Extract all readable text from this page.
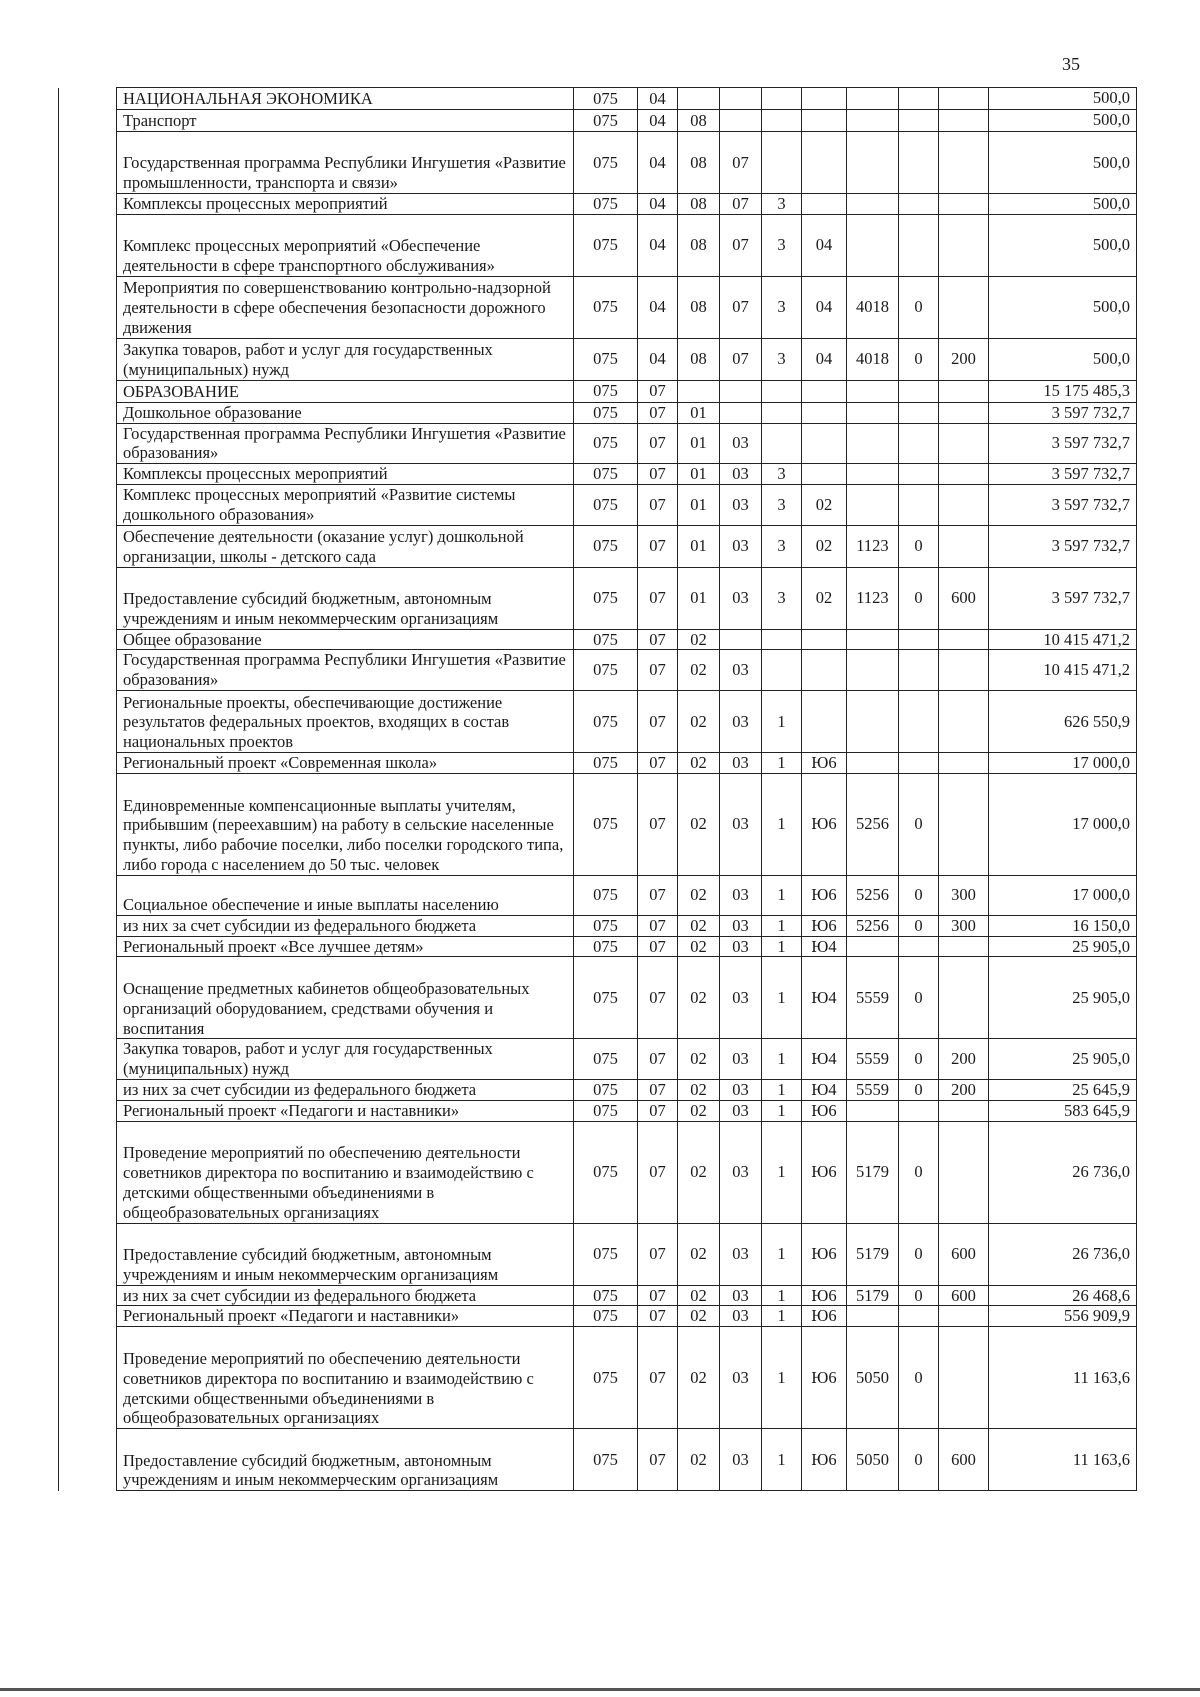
35
	НАЦИОНАЛЬНАЯ ЭКОНОМИКА	075	04								500,0
	Транспорт	075	04	08							500,0
	Государственная программа Республики Ингушетия «Развитие промышленности, транспорта и связи»	075	04	08	07						500,0
	Комплексы процессных мероприятий	075	04	08	07	3					500,0
	Комплекс процессных мероприятий «Обеспечение деятельности в сфере транспортного обслуживания»	075	04	08	07	3	04				500,0
	Мероприятия по совершенствованию контрольно-надзорной деятельности в сфере обеспечения безопасности дорожного движения	075	04	08	07	3	04	4018	0		500,0
	Закупка товаров, работ и услуг для государственных (муниципальных) нужд	075	04	08	07	3	04	4018	0	200	500,0
	ОБРАЗОВАНИЕ	075	07								15 175 485,3
	Дошкольное образование	075	07	01							3 597 732,7
	Государственная программа Республики Ингушетия «Развитие образования»	075	07	01	03						3 597 732,7
	Комплексы процессных мероприятий	075	07	01	03	3					3 597 732,7
	Комплекс процессных мероприятий «Развитие системы дошкольного образования»	075	07	01	03	3	02				3 597 732,7
	Обеспечение деятельности (оказание услуг) дошкольной организации, школы - детского сада	075	07	01	03	3	02	1123	0		3 597 732,7
	Предоставление субсидий бюджетным, автономным учреждениям и иным некоммерческим организациям	075	07	01	03	3	02	1123	0	600	3 597 732,7
	Общее образование	075	07	02							10 415 471,2
	Государственная программа Республики Ингушетия «Развитие образования»	075	07	02	03						10 415 471,2
	Региональные проекты, обеспечивающие достижение результатов федеральных проектов, входящих в состав национальных проектов	075	07	02	03	1					626 550,9
	Региональный проект «Современная школа»	075	07	02	03	1	Ю6				17 000,0
	Единовременные компенсационные выплаты учителям, прибывшим (переехавшим) на работу в сельские населенные пункты, либо рабочие поселки, либо поселки городского типа, либо города с населением до 50 тыс. человек	075	07	02	03	1	Ю6	5256	0		17 000,0
	Социальное обеспечение и иные выплаты населению	075	07	02	03	1	Ю6	5256	0	300	17 000,0
	из них за счет субсидии из федерального бюджета	075	07	02	03	1	Ю6	5256	0	300	16 150,0
	Региональный проект «Все лучшее детям»	075	07	02	03	1	Ю4				25 905,0
	Оснащение предметных кабинетов общеобразовательных организаций оборудованием, средствами обучения и воспитания	075	07	02	03	1	Ю4	5559	0		25 905,0
	Закупка товаров, работ и услуг для государственных (муниципальных) нужд	075	07	02	03	1	Ю4	5559	0	200	25 905,0
	из них за счет субсидии из федерального бюджета	075	07	02	03	1	Ю4	5559	0	200	25 645,9
	Региональный проект «Педагоги и наставники»	075	07	02	03	1	Ю6				583 645,9
	Проведение мероприятий по обеспечению деятельности советников директора по воспитанию и взаимодействию с детскими общественными объединениями в общеобразовательных организациях	075	07	02	03	1	Ю6	5179	0		26 736,0
	Предоставление субсидий бюджетным, автономным учреждениям и иным некоммерческим организациям	075	07	02	03	1	Ю6	5179	0	600	26 736,0
	из них за счет субсидии из федерального бюджета	075	07	02	03	1	Ю6	5179	0	600	26 468,6
	Региональный проект «Педагоги и наставники»	075	07	02	03	1	Ю6				556 909,9
	Проведение мероприятий по обеспечению деятельности советников директора по воспитанию и взаимодействию с детскими общественными объединениями в общеобразовательных организациях	075	07	02	03	1	Ю6	5050	0		11 163,6
	Предоставление субсидий бюджетным, автономным учреждениям и иным некоммерческим организациям	075	07	02	03	1	Ю6	5050	0	600	11 163,6
